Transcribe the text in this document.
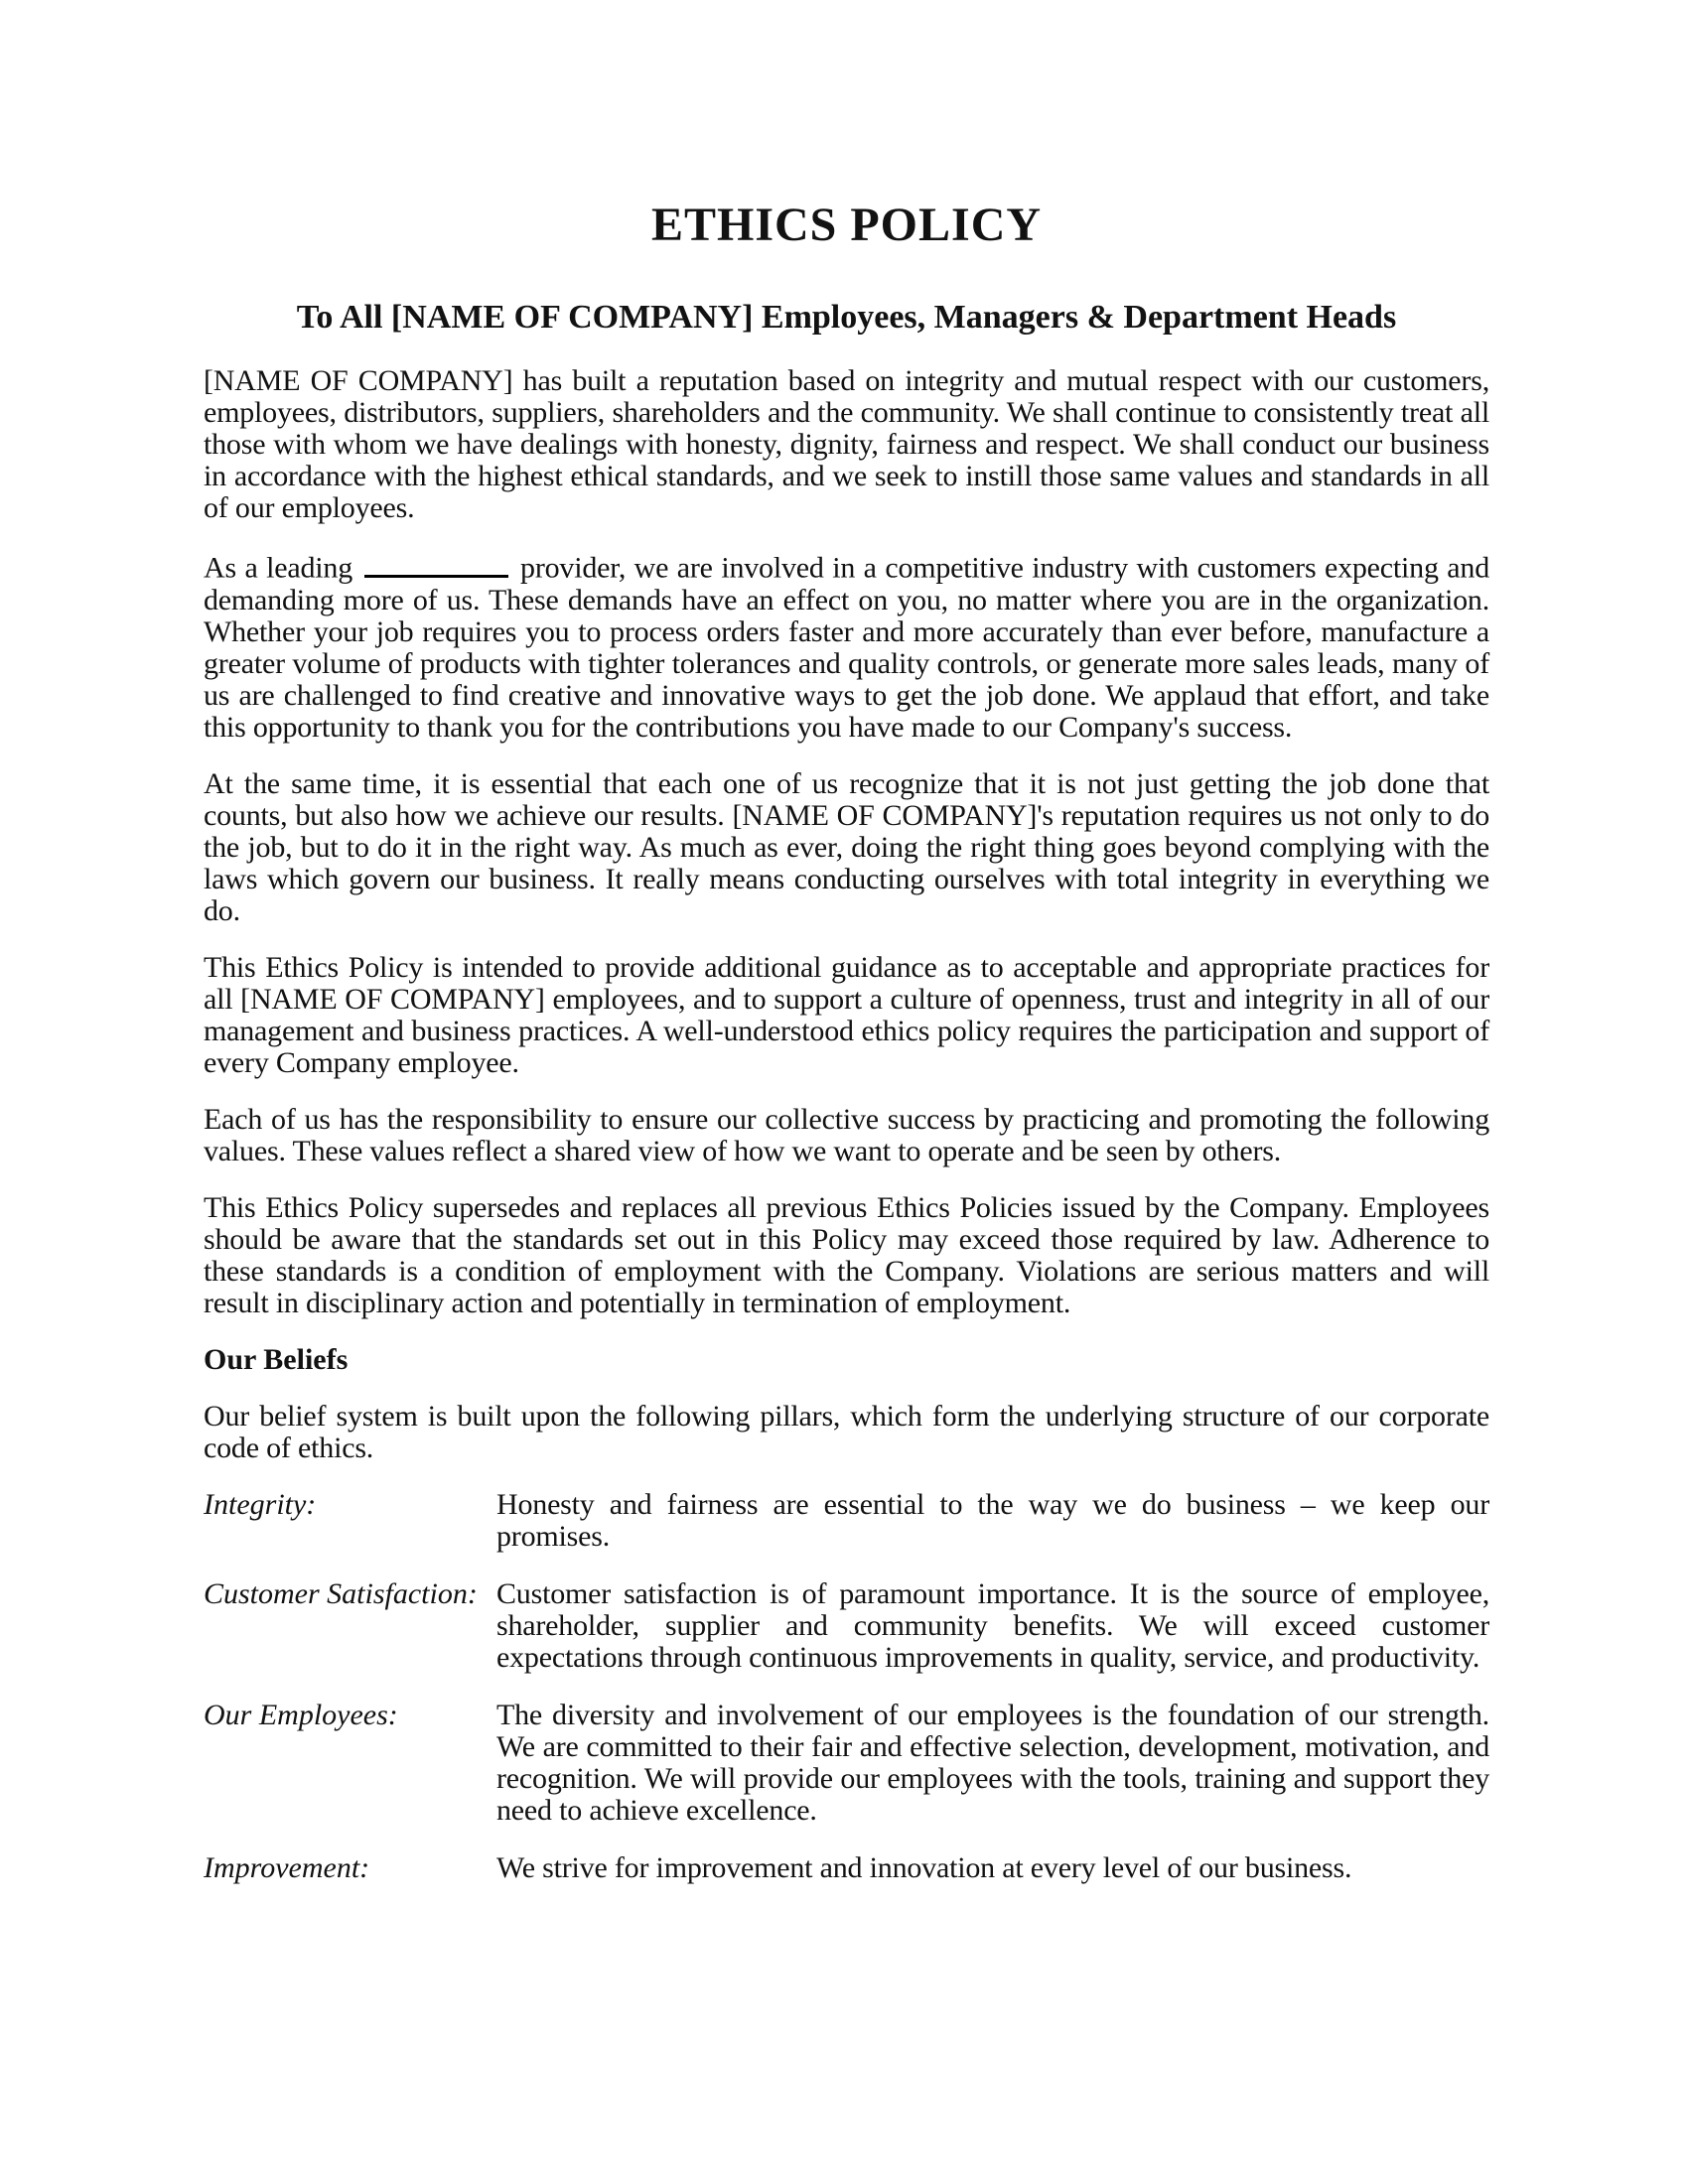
ETHICS POLICY
To All [NAME OF COMPANY] Employees, Managers & Department Heads

[NAME OF COMPANY] has built a reputation based on integrity and mutual respect with our customers, employees, distributors, suppliers, shareholders and the community. We shall continue to consistently treat all those with whom we have dealings with honesty, dignity, fairness and respect. We shall conduct our business in accordance with the highest ethical standards, and we seek to instill those same values and standards in all of our employees.

As a leading	provider, we are involved in a competitive industry with customers expecting and demanding more of us. These demands have an effect on you, no matter where you are in the organization. Whether your job requires you to process orders faster and more accurately than ever before, manufacture a greater volume of products with tighter tolerances and quality controls, or generate more sales leads, many of us are challenged to find creative and innovative ways to get the job done. We applaud that effort, and take this opportunity to thank you for the contributions you have made to our Company's success.

At the same time, it is essential that each one of us recognize that it is not just getting the job done that counts, but also how we achieve our results. [NAME OF COMPANY]'s reputation requires us not only to do the job, but to do it in the right way. As much as ever, doing the right thing goes beyond complying with the laws which govern our business. It really means conducting ourselves with total integrity in everything we do.

This Ethics Policy is intended to provide additional guidance as to acceptable and appropriate practices for all [NAME OF COMPANY] employees, and to support a culture of openness, trust and integrity in all of our management and business practices. A well-understood ethics policy requires the participation and support of every Company employee.

Each of us has the responsibility to ensure our collective success by practicing and promoting the following values. These values reflect a shared view of how we want to operate and be seen by others.

This Ethics Policy supersedes and replaces all previous Ethics Policies issued by the Company. Employees should be aware that the standards set out in this Policy may exceed those required by law. Adherence to these standards is a condition of employment with the Company. Violations are serious matters and will result in disciplinary action and potentially in termination of employment.

Our Beliefs

Our belief system is built upon the following pillars, which form the underlying structure of our corporate code of ethics.

Integrity:	Honesty and fairness are essential to the way we do business – we keep our promises.
Customer Satisfaction: Customer satisfaction is of paramount importance. It is the source of employee, shareholder, supplier and community benefits. We will exceed customer expectations through continuous improvements in quality, service, and productivity.
Our Employees:	The diversity and involvement of our employees is the foundation of our strength. We are committed to their fair and effective selection, development, motivation, and recognition. We will provide our employees with the tools, training and support they need to achieve excellence.
Improvement:	We strive for improvement and innovation at every level of our business.
